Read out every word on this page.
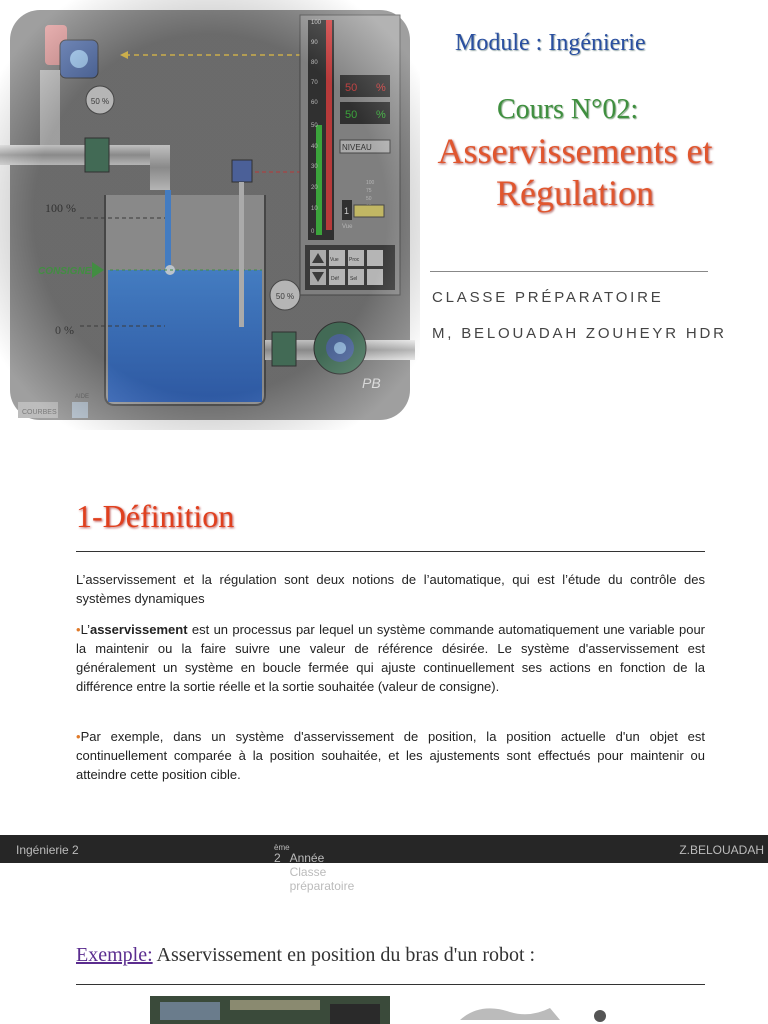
50 %
100 %
CONSIGNE
0 %
100
90
80
70
60
50
40
30
20
10
0
50 %
50 %
NIVEAU
100
75
50
1
Vue
Vue Proc
Déf Sel
50 %
PB
COURBES
AIDE
Module : Ingénierie
Cours N°02:
Asservissements et
Régulation
CLASSE PRÉPARATOIRE
M, BELOUADAH ZOUHEYR HDR
1-Définition
L’asservissement et la régulation sont deux notions de l’automatique, qui est l’étude du contrôle des systèmes dynamiques
•L’asservissement est un processus par lequel un système commande automatiquement une variable pour la maintenir ou la faire suivre une valeur de référence désirée. Le système d'asservissement est généralement un système en boucle fermée qui ajuste continuellement ses actions en fonction de la différence entre la sortie réelle et la sortie souhaitée (valeur de consigne).
•Par exemple, dans un système d'asservissement de position, la position actuelle d'un objet est continuellement comparée à la position souhaitée, et les ajustements sont effectués pour maintenir ou atteindre cette position cible.
Ingénierie 2
2
$^{ème}$
Année Classe préparatoire
Z.BELOUADAH
Exemple: Asservissement en position du bras d'un robot :
